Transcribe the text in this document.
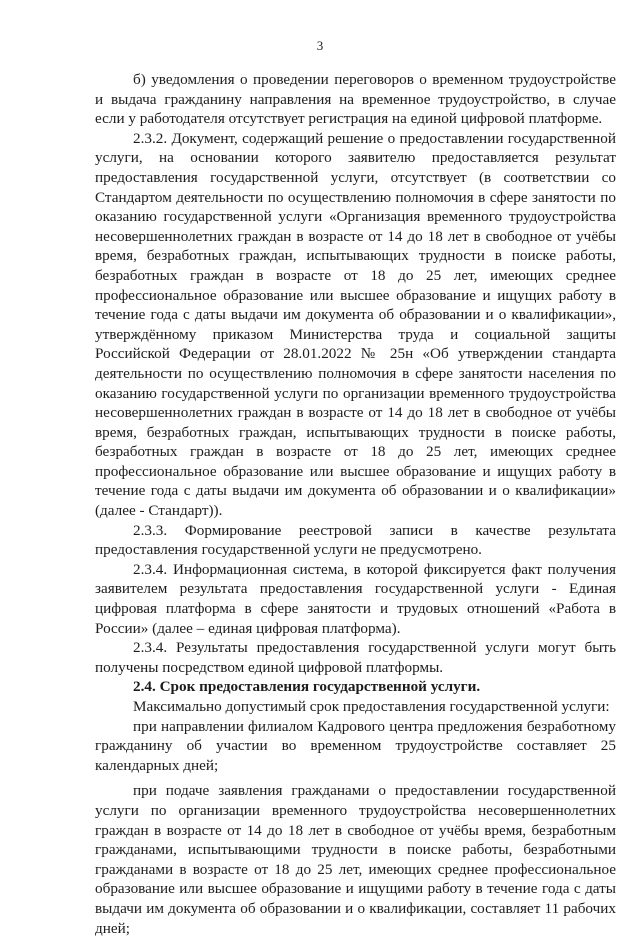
3

б) уведомления о проведении переговоров о временном трудоустройстве и выдача гражданину направления на временное трудоустройство, в случае если у работодателя отсутствует регистрация на единой цифровой платформе.

2.3.2. Документ, содержащий решение о предоставлении государственной услуги, на основании которого заявителю предоставляется результат предоставления государственной услуги, отсутствует (в соответствии со Стандартом деятельности по осуществлению полномочия в сфере занятости по оказанию государственной услуги «Организация временного трудоустройства несовершеннолетних граждан в возрасте от 14 до 18 лет в свободное от учёбы время, безработных граждан, испытывающих трудности в поиске работы, безработных граждан в возрасте от 18 до 25 лет, имеющих среднее профессиональное образование или высшее образование и ищущих работу в течение года с даты выдачи им документа об образовании и о квалификации», утверждённому приказом Министерства труда и социальной защиты Российской Федерации от 28.01.2022 № 25н «Об утверждении стандарта деятельности по осуществлению полномочия в сфере занятости населения по оказанию государственной услуги по организации временного трудоустройства несовершеннолетних граждан в возрасте от 14 до 18 лет в свободное от учёбы время, безработных граждан, испытывающих трудности в поиске работы, безработных граждан в возрасте от 18 до 25 лет, имеющих среднее профессиональное образование или высшее образование и ищущих работу в течение года с даты выдачи им документа об образовании и о квалификации» (далее - Стандарт)).

2.3.3. Формирование реестровой записи в качестве результата предоставления государственной услуги не предусмотрено.

2.3.4. Информационная система, в которой фиксируется факт получения заявителем результата предоставления государственной услуги - Единая цифровая платформа в сфере занятости и трудовых отношений «Работа в России» (далее – единая цифровая платформа).

2.3.4. Результаты предоставления государственной услуги могут быть получены посредством единой цифровой платформы.

2.4. Срок предоставления государственной услуги.

Максимально допустимый срок предоставления государственной услуги:

при направлении филиалом Кадрового центра предложения безработному гражданину об участии во временном трудоустройстве составляет 25 календарных дней;

при подаче заявления гражданами о предоставлении государственной услуги по организации временного трудоустройства несовершеннолетних граждан в возрасте от 14 до 18 лет в свободное от учёбы время, безработным гражданами, испытывающими трудности в поиске работы, безработными гражданами в возрасте от 18 до 25 лет, имеющих среднее профессиональное образование или высшее образование и ищущими работу в течение года с даты выдачи им документа об образовании и о квалификации, составляет 11 рабочих дней;
